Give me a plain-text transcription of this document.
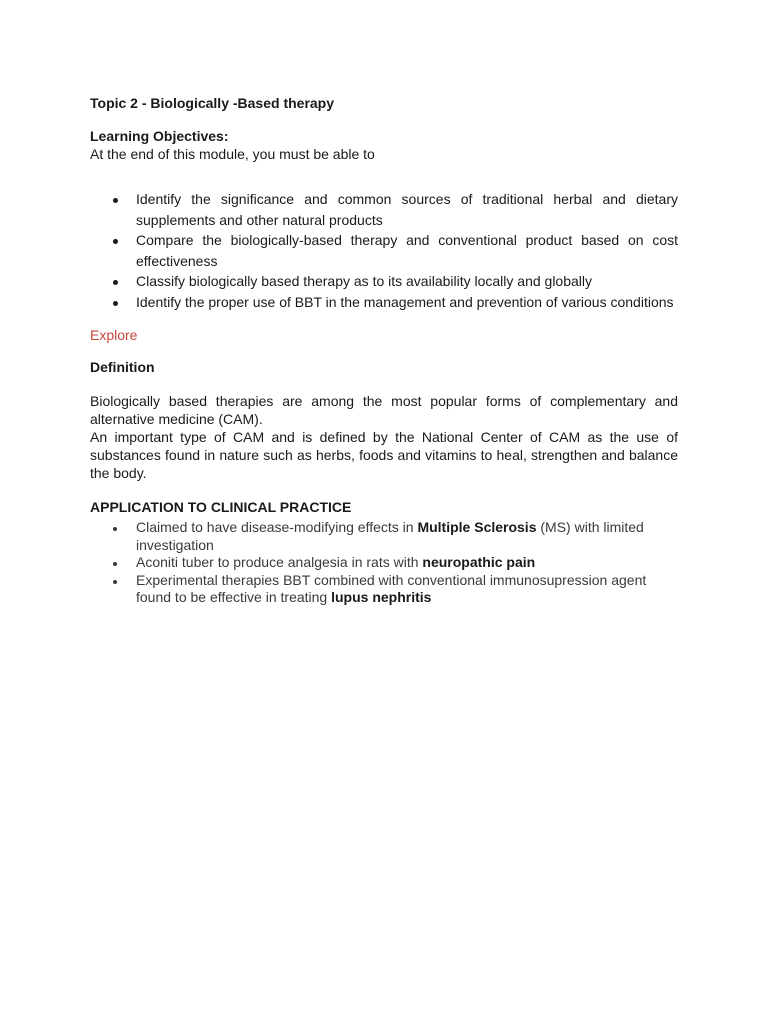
Topic 2 - Biologically -Based therapy

Learning Objectives:

At the end of this module, you must be able to

Identify the significance and common sources of traditional herbal and dietary supplements and other natural products
Compare the biologically-based therapy and conventional product based on cost effectiveness
Classify biologically based therapy as to its availability locally and globally
Identify the proper use of BBT in the management and prevention of various conditions
Explore

Definition

Biologically based therapies are among the most popular forms of complementary and alternative medicine (CAM).

An important type of CAM and is defined by the National Center of CAM as the use of substances found in nature such as herbs, foods and vitamins to heal, strengthen and balance the body.

APPLICATION TO CLINICAL PRACTICE

Claimed to have disease-modifying effects in Multiple Sclerosis (MS) with limited investigation
Aconiti tuber to produce analgesia in rats with neuropathic pain
Experimental therapies BBT combined with conventional immunosupression agent found to be effective in treating lupus nephritis
